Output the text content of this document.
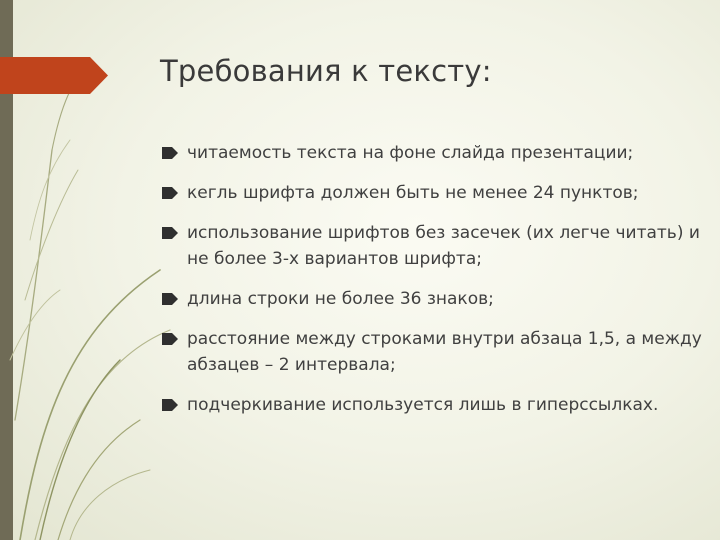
Требования к тексту:
читаемость текста на фоне слайда презентации;
кегль шрифта должен быть не менее 24 пунктов;
использование шрифтов без засечек (их легче читать) и не более 3-х вариантов шрифта;
длина строки не более 36 знаков;
расстояние между строками внутри абзаца 1,5, а между абзацев – 2 интервала;
подчеркивание используется лишь в гиперссылках.
